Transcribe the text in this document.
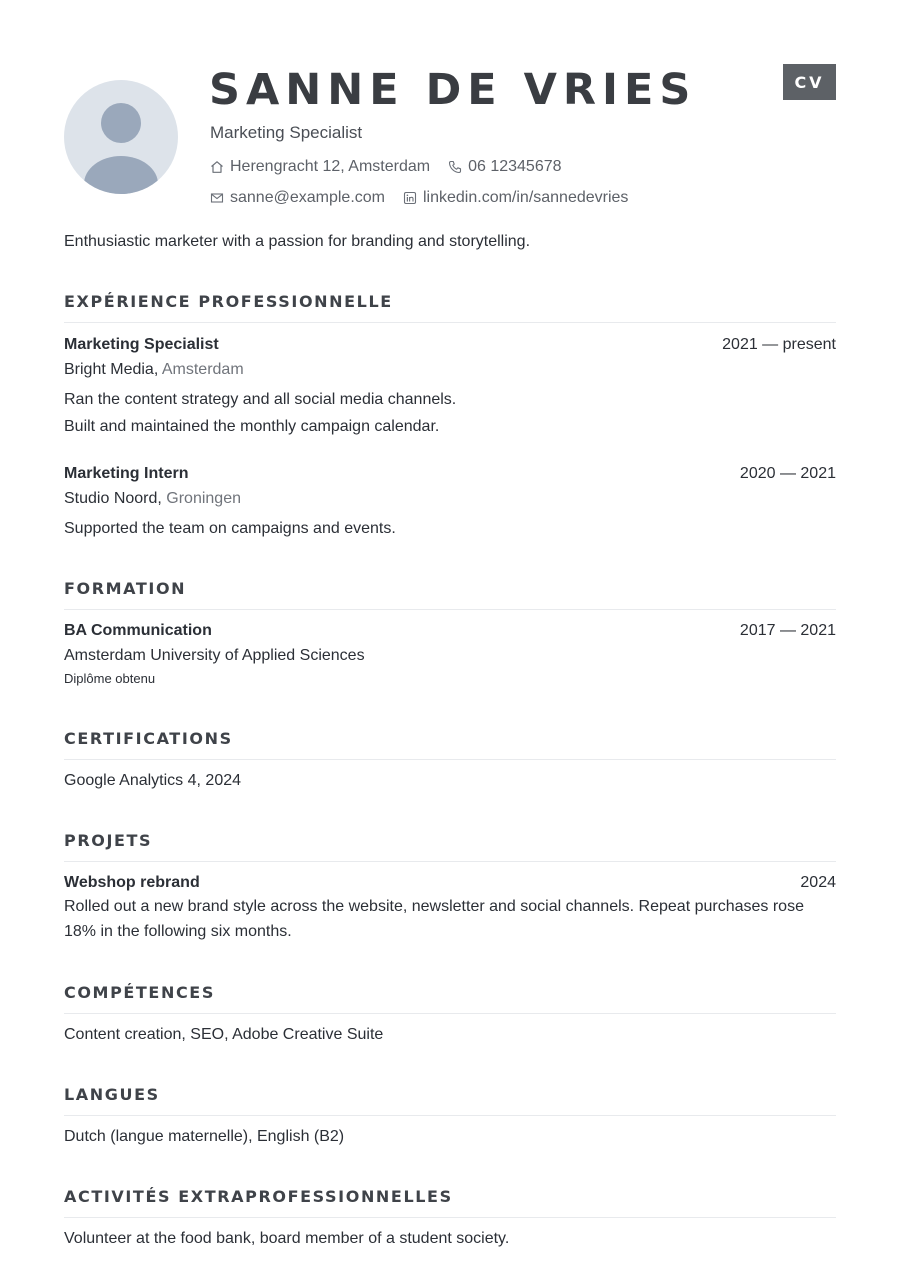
SANNE DE VRIES
Marketing Specialist
CV
Herengracht 12, Amsterdam 06 12345678
sanne@example.com linkedin.com/in/sannedevries
Enthusiastic marketer with a passion for branding and storytelling.
EXPÉRIENCE PROFESSIONNELLE
Marketing Specialist	2021 — present
Bright Media, Amsterdam
Ran the content strategy and all social media channels.
Built and maintained the monthly campaign calendar.
Marketing Intern	2020 — 2021
Studio Noord, Groningen
Supported the team on campaigns and events.
FORMATION
BA Communication	2017 — 2021
Amsterdam University of Applied Sciences
Diplôme obtenu
CERTIFICATIONS
Google Analytics 4, 2024
PROJETS
Webshop rebrand	2024
Rolled out a new brand style across the website, newsletter and social channels. Repeat purchases rose 18% in the following six months.
COMPÉTENCES
Content creation, SEO, Adobe Creative Suite
LANGUES
Dutch (langue maternelle), English (B2)
ACTIVITÉS EXTRAPROFESSIONNELLES
Volunteer at the food bank, board member of a student society.
